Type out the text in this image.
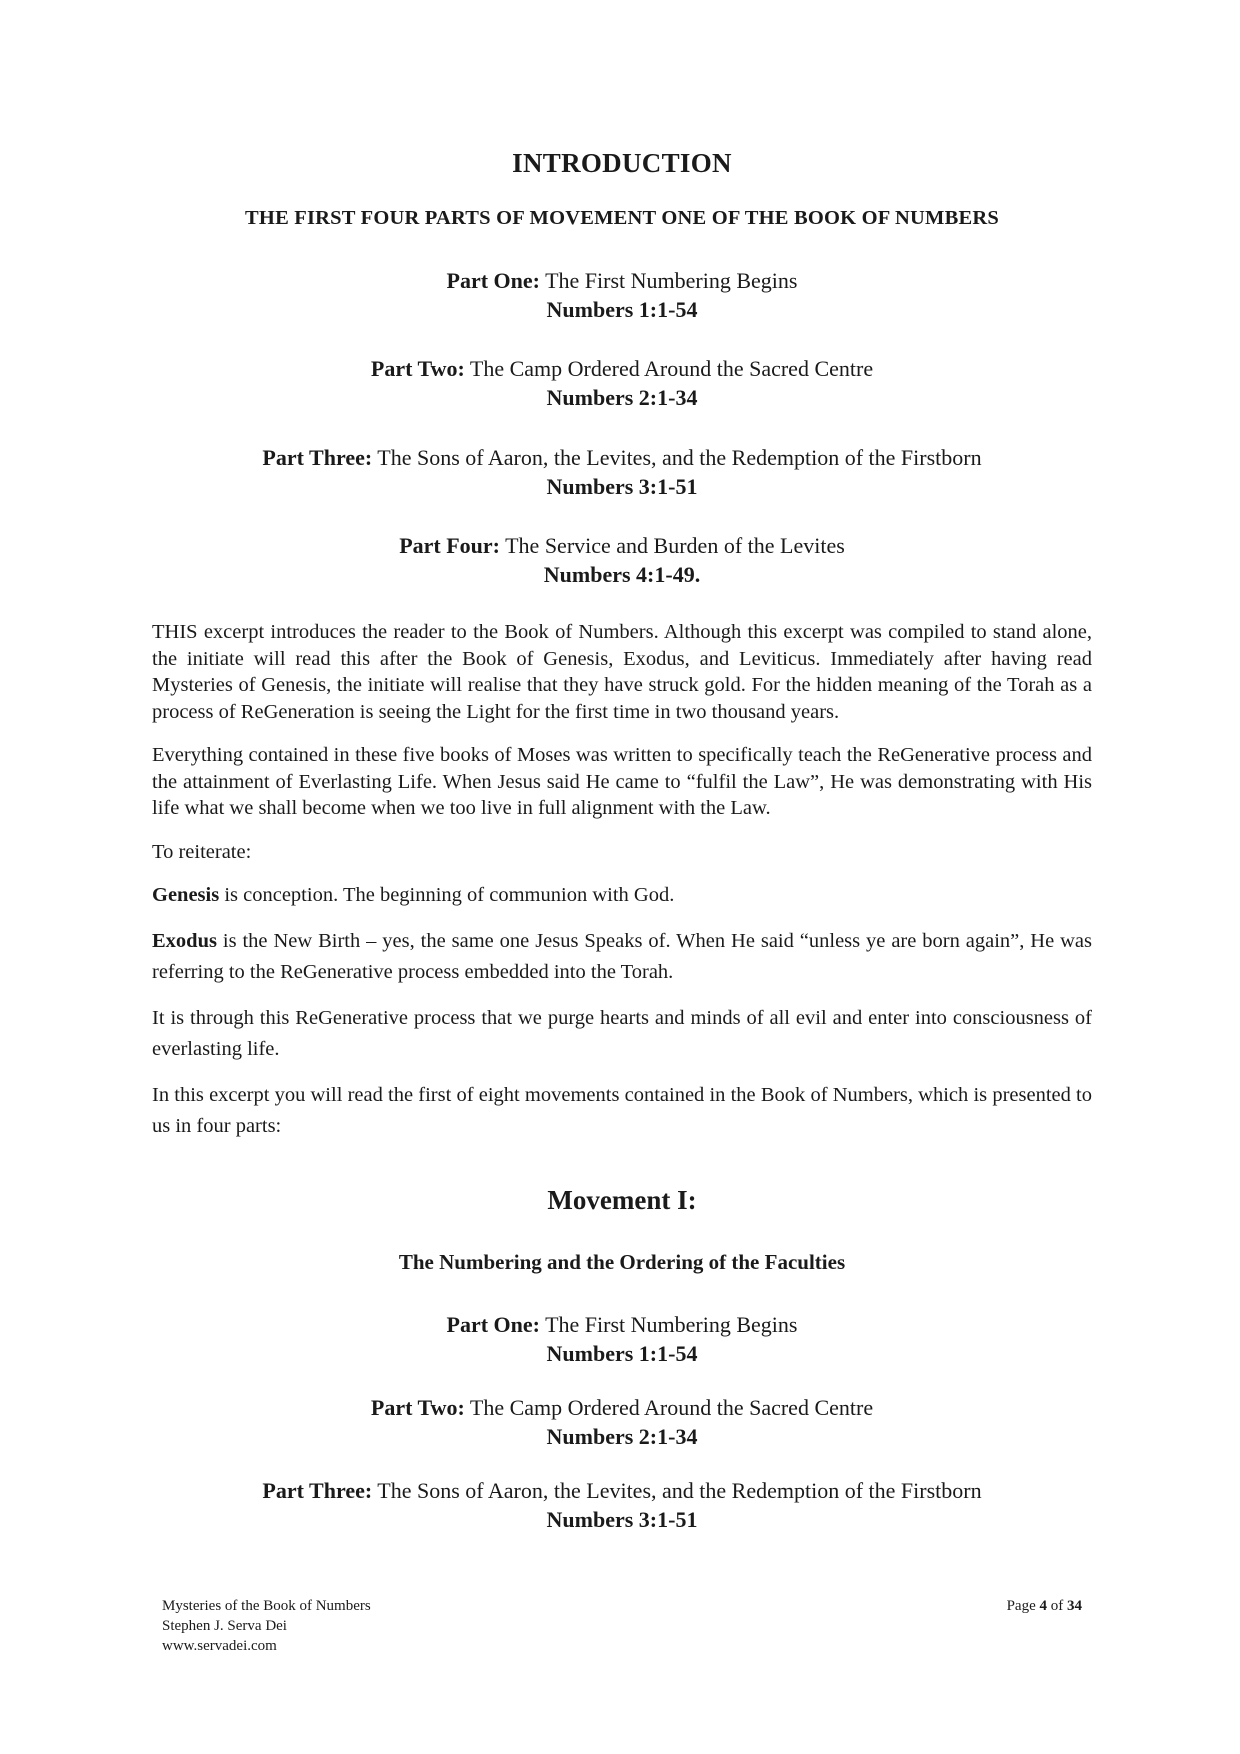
INTRODUCTION
THE FIRST FOUR PARTS OF MOVEMENT ONE OF THE BOOK OF NUMBERS
Part One: The First Numbering Begins
Numbers 1:1-54
Part Two: The Camp Ordered Around the Sacred Centre
Numbers 2:1-34
Part Three: The Sons of Aaron, the Levites, and the Redemption of the Firstborn
Numbers 3:1-51
Part Four: The Service and Burden of the Levites
Numbers 4:1-49.

THIS excerpt introduces the reader to the Book of Numbers. Although this excerpt was compiled to stand alone, the initiate will read this after the Book of Genesis, Exodus, and Leviticus. Immediately after having read Mysteries of Genesis, the initiate will realise that they have struck gold. For the hidden meaning of the Torah as a process of ReGeneration is seeing the Light for the first time in two thousand years.

Everything contained in these five books of Moses was written to specifically teach the ReGenerative process and the attainment of Everlasting Life. When Jesus said He came to “fulfil the Law”, He was demonstrating with His life what we shall become when we too live in full alignment with the Law.

To reiterate:

Genesis is conception. The beginning of communion with God.

Exodus is the New Birth – yes, the same one Jesus Speaks of. When He said “unless ye are born again”, He was referring to the ReGenerative process embedded into the Torah.

It is through this ReGenerative process that we purge hearts and minds of all evil and enter into consciousness of everlasting life.

In this excerpt you will read the first of eight movements contained in the Book of Numbers, which is presented to us in four parts:

Movement I:
The Numbering and the Ordering of the Faculties
Part One: The First Numbering Begins
Numbers 1:1-54
Part Two: The Camp Ordered Around the Sacred Centre
Numbers 2:1-34
Part Three: The Sons of Aaron, the Levites, and the Redemption of the Firstborn
Numbers 3:1-51
Mysteries of the Book of Numbers
Stephen J. Serva Dei
www.servadei.com
Page 4 of 34
